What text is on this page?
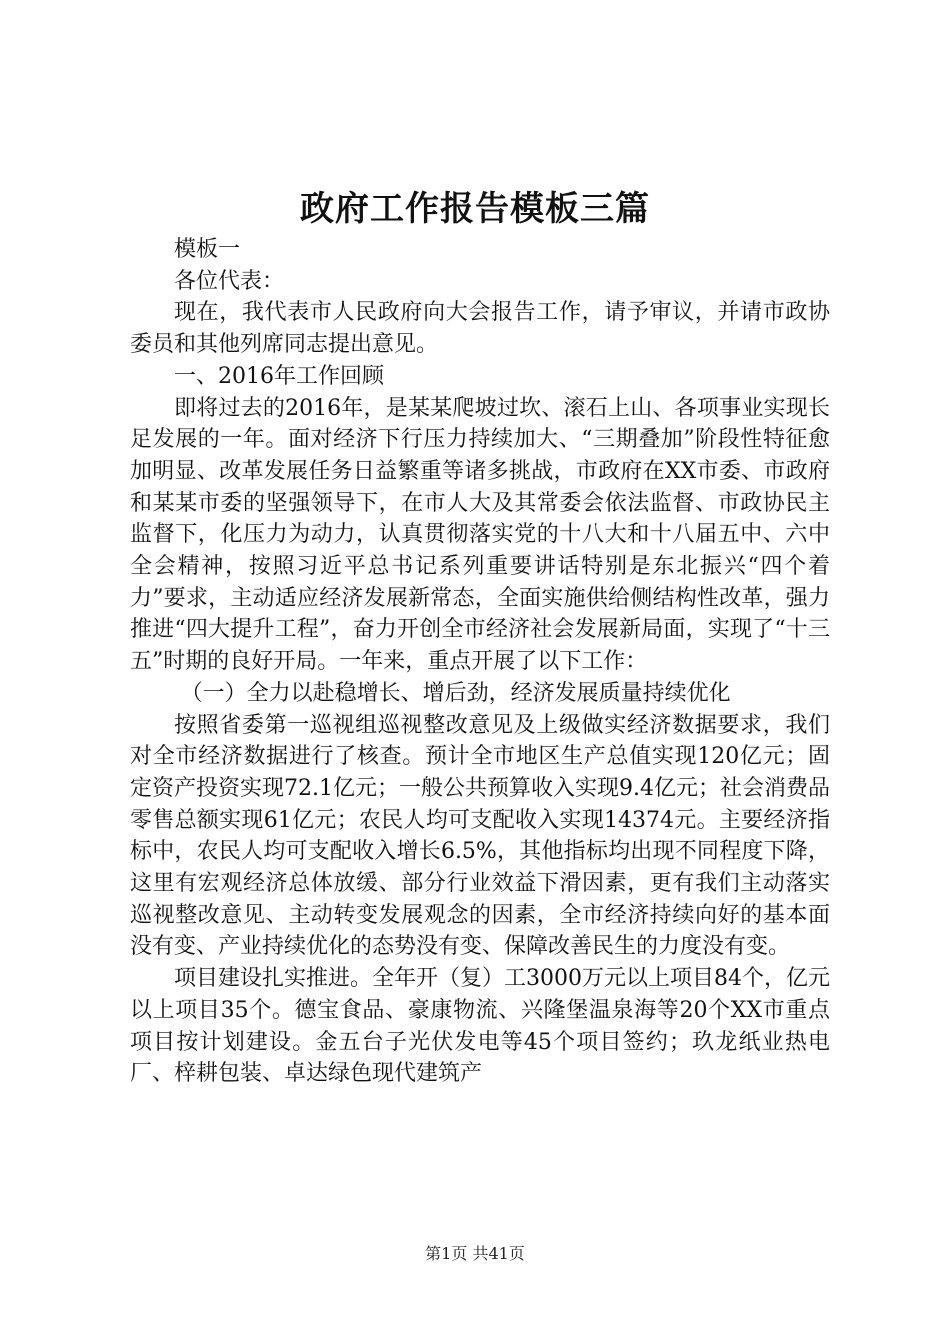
政府工作报告模板三篇

模板一

各位代表：

现在，我代表市人民政府向大会报告工作，请予审议，并请市政协委员和其他列席同志提出意见。

一、2016年工作回顾

即将过去的2016年，是某某爬坡过坎、滚石上山、各项事业实现长足发展的一年。面对经济下行压力持续加大、“三期叠加”阶段性特征愈加明显、改革发展任务日益繁重等诸多挑战，市政府在XX市委、市政府和某某市委的坚强领导下，在市人大及其常委会依法监督、市政协民主监督下，化压力为动力，认真贯彻落实党的十八大和十八届五中、六中全会精神，按照习近平总书记系列重要讲话特别是东北振兴“四个着力”要求，主动适应经济发展新常态，全面实施供给侧结构性改革，强力推进“四大提升工程”，奋力开创全市经济社会发展新局面，实现了“十三五”时期的良好开局。一年来，重点开展了以下工作：

（一）全力以赴稳增长、增后劲，经济发展质量持续优化

按照省委第一巡视组巡视整改意见及上级做实经济数据要求，我们对全市经济数据进行了核查。预计全市地区生产总值实现120亿元；固定资产投资实现72.1亿元；一般公共预算收入实现9.4亿元；社会消费品零售总额实现61亿元；农民人均可支配收入实现14374元。主要经济指标中，农民人均可支配收入增长6.5%，其他指标均出现不同程度下降，这里有宏观经济总体放缓、部分行业效益下滑因素，更有我们主动落实巡视整改意见、主动转变发展观念的因素，全市经济持续向好的基本面没有变、产业持续优化的态势没有变、保障改善民生的力度没有变。

项目建设扎实推进。全年开（复）工3000万元以上项目84个，亿元以上项目35个。德宝食品、豪康物流、兴隆堡温泉海等20个XX市重点项目按计划建设。金五台子光伏发电等45个项目签约；玖龙纸业热电厂、梓耕包装、卓达绿色现代建筑产

第1页 共41页
